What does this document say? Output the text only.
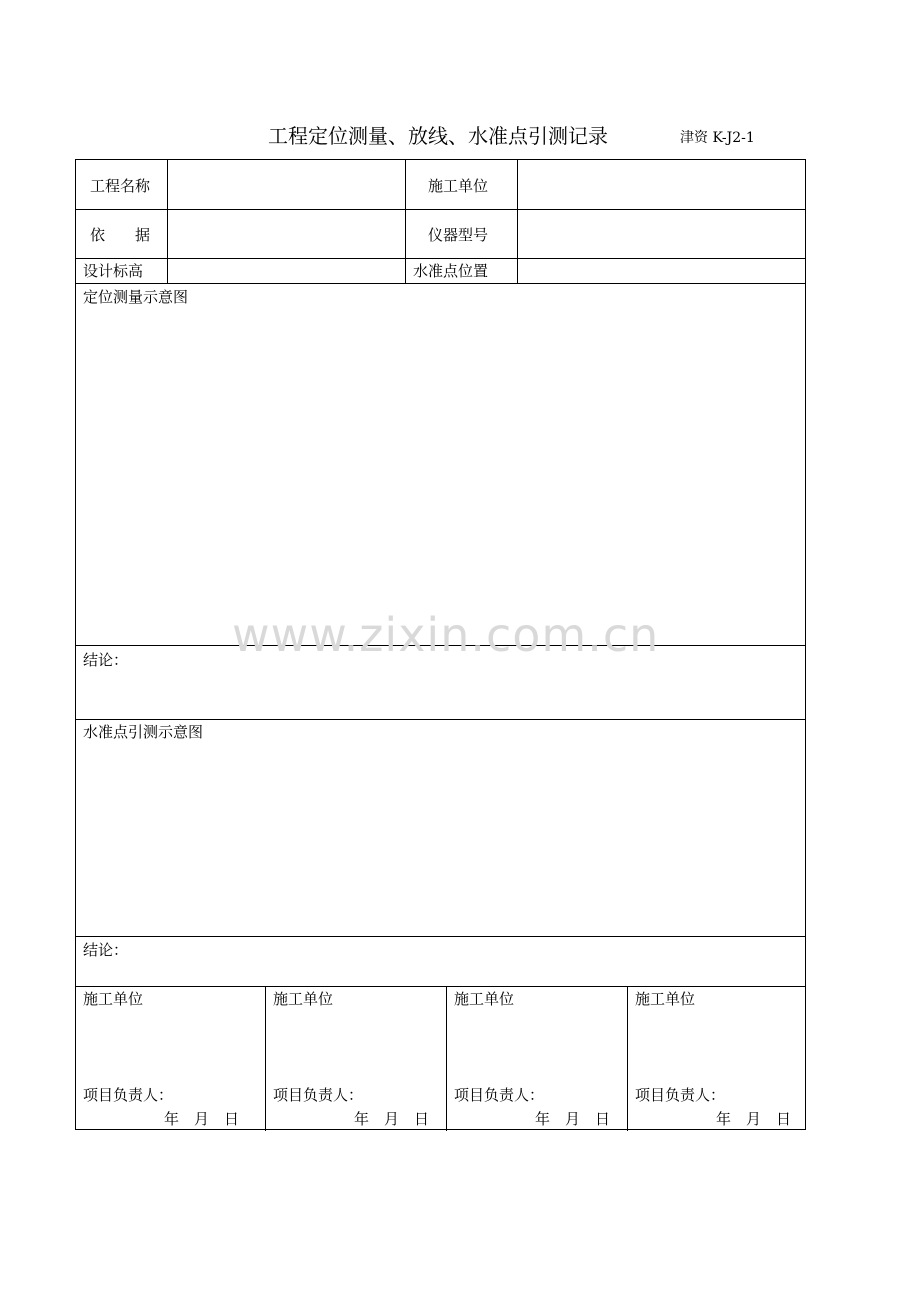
工程定位测量、放线、水准点引测记录	津资 K-J2-1
工程名称	施工单位
依　　据	仪器型号
设计标高	水准点位置
定位测量示意图
结论：
水准点引测示意图
结论：
施工单位
项目负责人：
年　月　日
施工单位
项目负责人：
年　月　日
施工单位
项目负责人：
年　月　日
施工单位
项目负责人：
年　月　日
www.zixin.com.cn
